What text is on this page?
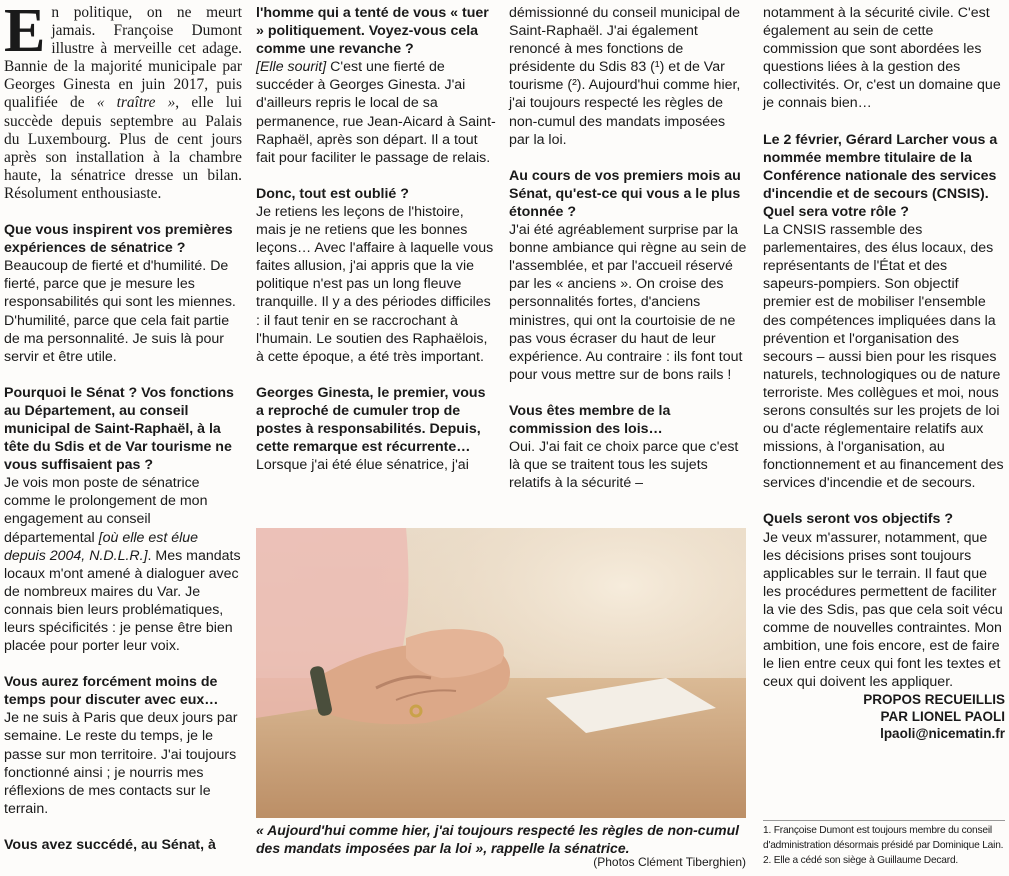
En politique, on ne meurt jamais. Françoise Dumont illustre à merveille cet adage. Bannie de la majorité municipale par Georges Ginesta en juin 2017, puis qualifiée de « traître », elle lui succède depuis septembre au Palais du Luxembourg. Plus de cent jours après son installation à la chambre haute, la sénatrice dresse un bilan. Résolument enthousiaste.

Que vous inspirent vos premières expériences de sénatrice ?

Beaucoup de fierté et d'humilité. De fierté, parce que je mesure les responsabilités qui sont les miennes. D'humilité, parce que cela fait partie de ma personnalité. Je suis là pour servir et être utile.

Pourquoi le Sénat ? Vos fonctions au Département, au conseil municipal de Saint-Raphaël, à la tête du Sdis et de Var tourisme ne vous suffisaient pas ?

Je vois mon poste de sénatrice comme le prolongement de mon engagement au conseil départemental [où elle est élue depuis 2004, N.D.L.R.]. Mes mandats locaux m'ont amené à dialoguer avec de nombreux maires du Var. Je connais bien leurs problématiques, leurs spécificités : je pense être bien placée pour porter leur voix.

Vous aurez forcément moins de temps pour discuter avec eux…

Je ne suis à Paris que deux jours par semaine. Le reste du temps, je le passe sur mon territoire. J'ai toujours fonctionné ainsi ; je nourris mes réflexions de mes contacts sur le terrain.

Vous avez succédé, au Sénat, à

l'homme qui a tenté de vous « tuer » politiquement. Voyez-vous cela comme une revanche ?

[Elle sourit] C'est une fierté de succéder à Georges Ginesta. J'ai d'ailleurs repris le local de sa permanence, rue Jean-Aicard à Saint-Raphaël, après son départ. Il a tout fait pour faciliter le passage de relais.

Donc, tout est oublié ?

Je retiens les leçons de l'histoire, mais je ne retiens que les bonnes leçons… Avec l'affaire à laquelle vous faites allusion, j'ai appris que la vie politique n'est pas un long fleuve tranquille. Il y a des périodes difficiles : il faut tenir en se raccrochant à l'humain. Le soutien des Raphaëlois, à cette époque, a été très important.

Georges Ginesta, le premier, vous a reproché de cumuler trop de postes à responsabilités. Depuis, cette remarque est récurrente…

Lorsque j'ai été élue sénatrice, j'ai

démissionné du conseil municipal de Saint-Raphaël. J'ai également renoncé à mes fonctions de présidente du Sdis 83 (¹) et de Var tourisme (²). Aujourd'hui comme hier, j'ai toujours respecté les règles de non-cumul des mandats imposées par la loi.

Au cours de vos premiers mois au Sénat, qu'est-ce qui vous a le plus étonnée ?

J'ai été agréablement surprise par la bonne ambiance qui règne au sein de l'assemblée, et par l'accueil réservé par les « anciens ». On croise des personnalités fortes, d'anciens ministres, qui ont la courtoisie de ne pas vous écraser du haut de leur expérience. Au contraire : ils font tout pour vous mettre sur de bons rails !

Vous êtes membre de la commission des lois…

Oui. J'ai fait ce choix parce que c'est là que se traitent tous les sujets relatifs à la sécurité –

notamment à la sécurité civile. C'est également au sein de cette commission que sont abordées les questions liées à la gestion des collectivités. Or, c'est un domaine que je connais bien…

Le 2 février, Gérard Larcher vous a nommée membre titulaire de la Conférence nationale des services d'incendie et de secours (CNSIS). Quel sera votre rôle ?

La CNSIS rassemble des parlementaires, des élus locaux, des représentants de l'État et des sapeurs-pompiers. Son objectif premier est de mobiliser l'ensemble des compétences impliquées dans la prévention et l'organisation des secours – aussi bien pour les risques naturels, technologiques ou de nature terroriste. Mes collègues et moi, nous serons consultés sur les projets de loi ou d'acte réglementaire relatifs aux missions, à l'organisation, au fonctionnement et au financement des services d'incendie et de secours.

Quels seront vos objectifs ?

Je veux m'assurer, notamment, que les décisions prises sont toujours applicables sur le terrain. Il faut que les procédures permettent de faciliter la vie des Sdis, pas que cela soit vécu comme de nouvelles contraintes. Mon ambition, une fois encore, est de faire le lien entre ceux qui font les textes et ceux qui doivent les appliquer.

PROPOS RECUEILLIS

PAR LIONEL PAOLI

lpaoli@nicematin.fr

1. Françoise Dumont est toujours membre du conseil d'administration désormais présidé par Dominique Lain.

2. Elle a cédé son siège à Guillaume Decard.

« Aujourd'hui comme hier, j'ai toujours respecté les règles de non-cumul des mandats imposées par la loi », rappelle la sénatrice.
(Photos Clément Tiberghien)
